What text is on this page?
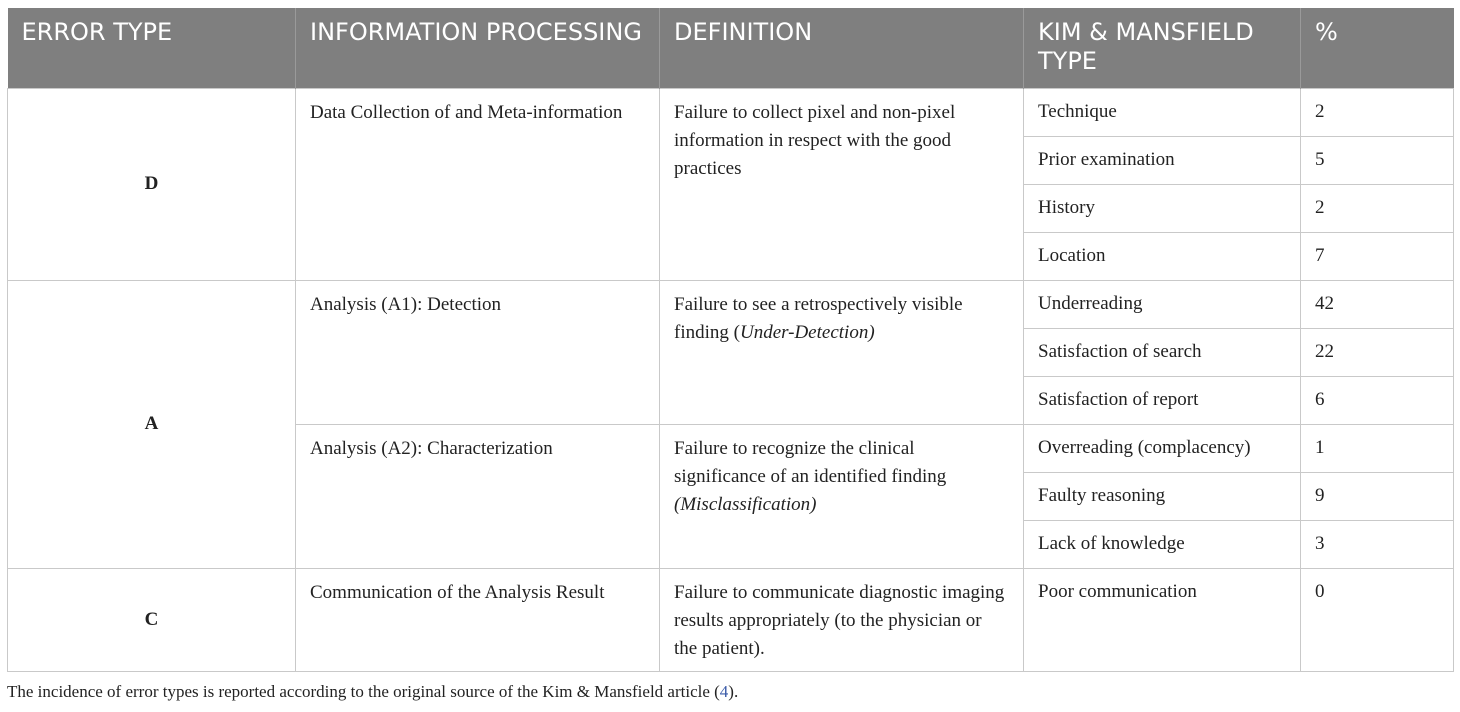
ERROR TYPE	INFORMATION PROCESSING	DEFINITION	KIM & MANSFIELD TYPE	%
D	Data Collection of and Meta-information	Failure to collect pixel and non-pixel information in respect with the good practices	Technique	2
			Prior examination	5
			History	2
			Location	7
A	Analysis (A1): Detection	Failure to see a retrospectively visible finding (Under-Detection)	Underreading	42
			Satisfaction of search	22
			Satisfaction of report	6
	Analysis (A2): Characterization	Failure to recognize the clinical significance of an identified finding (Misclassification)	Overreading (complacency)	1
			Faulty reasoning	9
			Lack of knowledge	3
C	Communication of the Analysis Result	Failure to communicate diagnostic imaging results appropriately (to the physician or the patient).	Poor communication	0
The incidence of error types is reported according to the original source of the Kim & Mansfield article (4).
